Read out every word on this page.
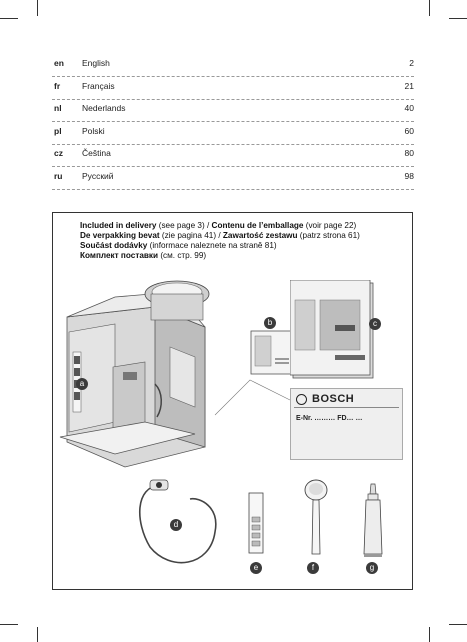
en English	2
fr	Français	21
nl Nederlands	40
pl Polski	60
cz Čeština	80
ru Русский	98
Included in delivery (see page 3) / Contenu de l’emballage (voir page 22)
De verpakking bevat (zie pagina 41) / Zawartość zestawu (patrz strona 61)
Součást dodávky (informace naleznete na straně 81)
Комплект поставки (см. стр. 99)
a
b	c
BOSCH
E-Nr. ……… FD… …
d
e	f	g
